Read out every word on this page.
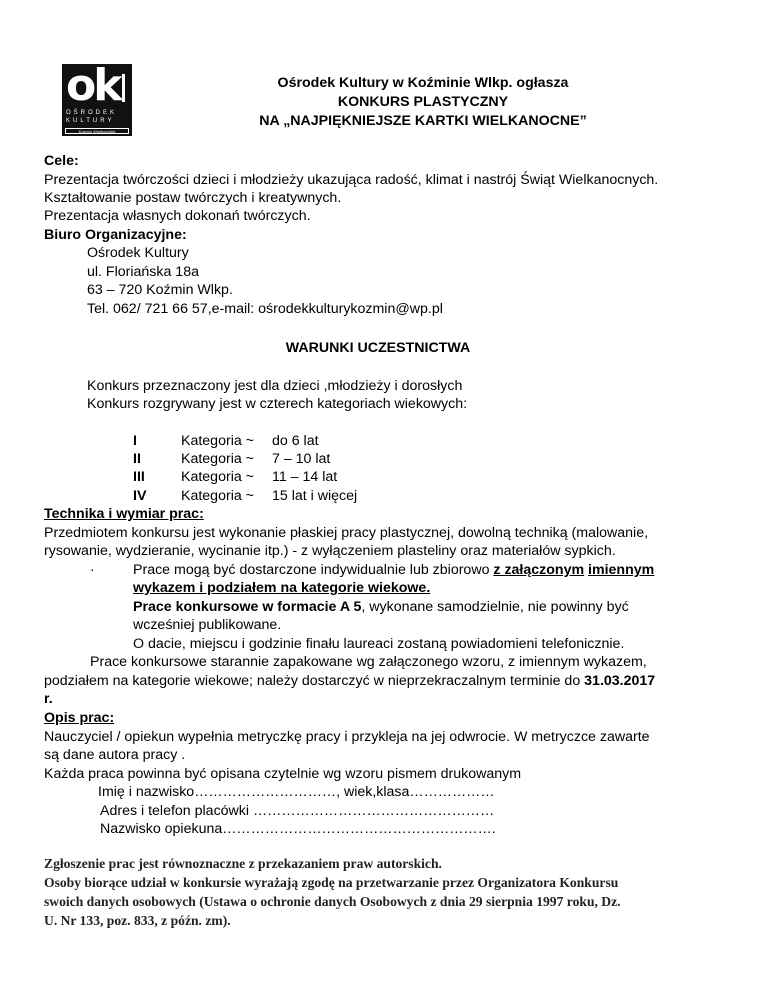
ok
OŚRODEK
KULTURY
Koźmin Wielkopolski
Ośrodek Kultury w Koźminie Wlkp. ogłasza
KONKURS PLASTYCZNY
NA „NAJPIĘKNIEJSZE KARTKI WIELKANOCNE”
Cele:
Prezentacja twórczości dzieci i młodzieży ukazująca radość, klimat i nastrój Świąt Wielkanocnych.
Kształtowanie postaw twórczych i kreatywnych.
Prezentacja własnych dokonań twórczych.
Biuro Organizacyjne:
Ośrodek Kultury
ul. Floriańska 18a
63 – 720 Koźmin Wlkp.
Tel. 062/ 721 66 57,e-mail: ośrodekkulturykozmin@wp.pl
WARUNKI UCZESTNICTWA
Konkurs przeznaczony jest dla dzieci ,młodzieży i dorosłych
Konkurs rozgrywany jest w czterech kategoriach wiekowych:
I	Kategoria ~ do 6 lat
II	Kategoria ~ 7 – 10 lat
III	Kategoria ~ 11 – 14 lat
IV Kategoria ~ 15 lat i więcej
Technika i wymiar prac:
Przedmiotem konkursu jest wykonanie płaskiej pracy plastycznej, dowolną techniką (malowanie,
rysowanie, wydzieranie, wycinanie itp.) - z wyłączeniem plasteliny oraz materiałów sypkich.
·	Prace mogą być dostarczone indywidualnie lub zbiorowo z załączonym imiennym
wykazem i podziałem na kategorie wiekowe.
Prace konkursowe w formacie A 5, wykonane samodzielnie, nie powinny być
wcześniej publikowane.
O dacie, miejscu i godzinie finału laureaci zostaną powiadomieni telefonicznie.
Prace konkursowe starannie zapakowane wg załączonego wzoru, z imiennym wykazem,
podziałem na kategorie wiekowe; należy dostarczyć w nieprzekraczalnym terminie do 31.03.2017
r.
Opis prac:
Nauczyciel / opiekun wypełnia metryczkę pracy i przykleja na jej odwrocie. W metryczce zawarte
są dane autora pracy .
Każda praca powinna być opisana czytelnie wg wzoru pismem drukowanym
Imię i nazwisko…………………………, wiek,klasa………………
Adres i telefon placówki ……………………………………………
Nazwisko opiekuna………………………………………………….
Zgłoszenie prac jest równoznaczne z przekazaniem praw autorskich.
Osoby biorące udział w konkursie wyrażają zgodę na przetwarzanie przez Organizatora Konkursu
swoich danych osobowych (Ustawa o ochronie danych Osobowych z dnia 29 sierpnia 1997 roku, Dz.
U. Nr 133, poz. 833, z późn. zm).
